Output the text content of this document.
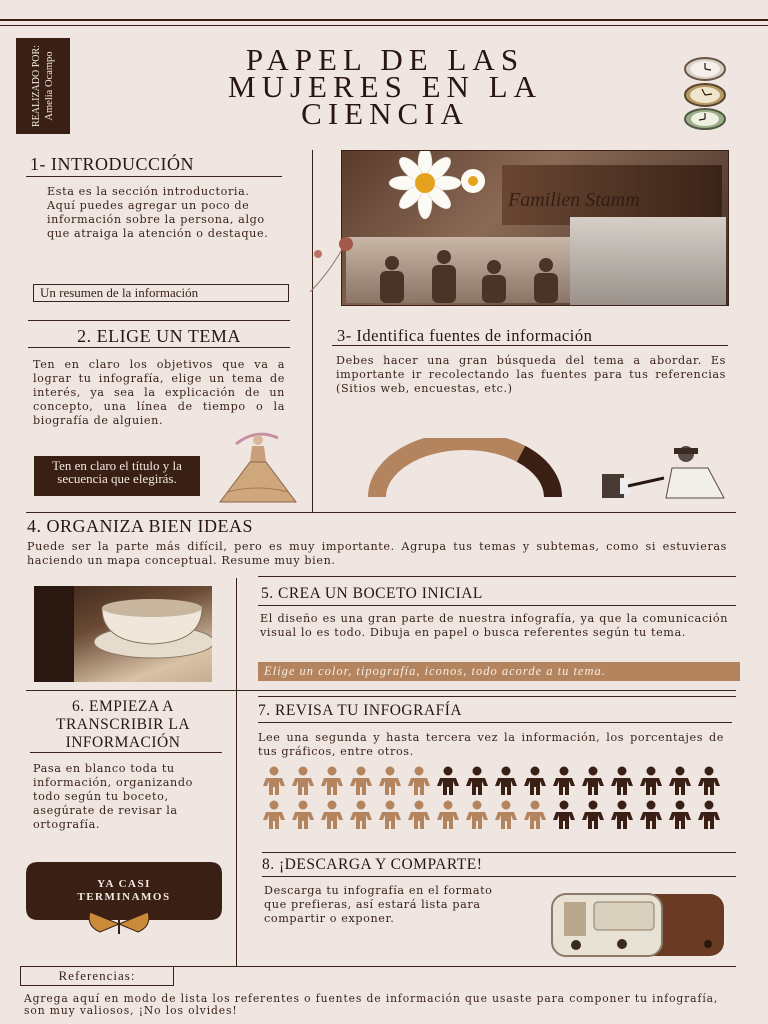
REALIZADO POR: Amelia Ocampo	PAPEL DE LAS
MUJERES EN LA
CIENCIA
1- INTRODUCCIÓN
Esta es la sección introductoria. Aquí puedes agregar un poco de información sobre la persona, algo que atraiga la atención o destaque.
Un resumen de la información
Familien Stamm
2. ELIGE UN TEMA
Ten en claro los objetivos que va a lograr tu infografía, elige un tema de interés, ya sea la explicación de un concepto, una línea de tiempo o la biografía de alguien.
Ten en claro el título y la secuencia que elegirás.
3- Identifica fuentes de información
Debes hacer una gran búsqueda del tema a abordar. Es importante ir recolectando las fuentes para tus referencias (Sitios web, encuestas, etc.)
4. ORGANIZA BIEN IDEAS
Puede ser la parte más difícil, pero es muy importante. Agrupa tus temas y subtemas, como si estuvieras haciendo un mapa conceptual. Resume muy bien.
5. CREA UN BOCETO INICIAL
El diseño es una gran parte de nuestra infografía, ya que la comunicación visual lo es todo. Dibuja en papel o busca referentes según tu tema.
Elige un color, tipografía, iconos, todo acorde a tu tema.
6. EMPIEZA A
TRANSCRIBIR LA
INFORMACIÓN
Pasa en blanco toda tu información, organizando todo según tu boceto, asegúrate de revisar la ortografía.
YA CASI
TERMINAMOS
7. REVISA TU INFOGRAFÍA
Lee una segunda y hasta tercera vez la información, los porcentajes de tus gráficos, entre otros.
8. ¡DESCARGA Y COMPARTE!
Descarga tu infografía en el formato que prefieras, así estará lista para compartir o exponer.
Referencias:
Agrega aquí en modo de lista los referentes o fuentes de información que usaste para componer tu infografía, son muy valiosos, ¡No los olvides!
